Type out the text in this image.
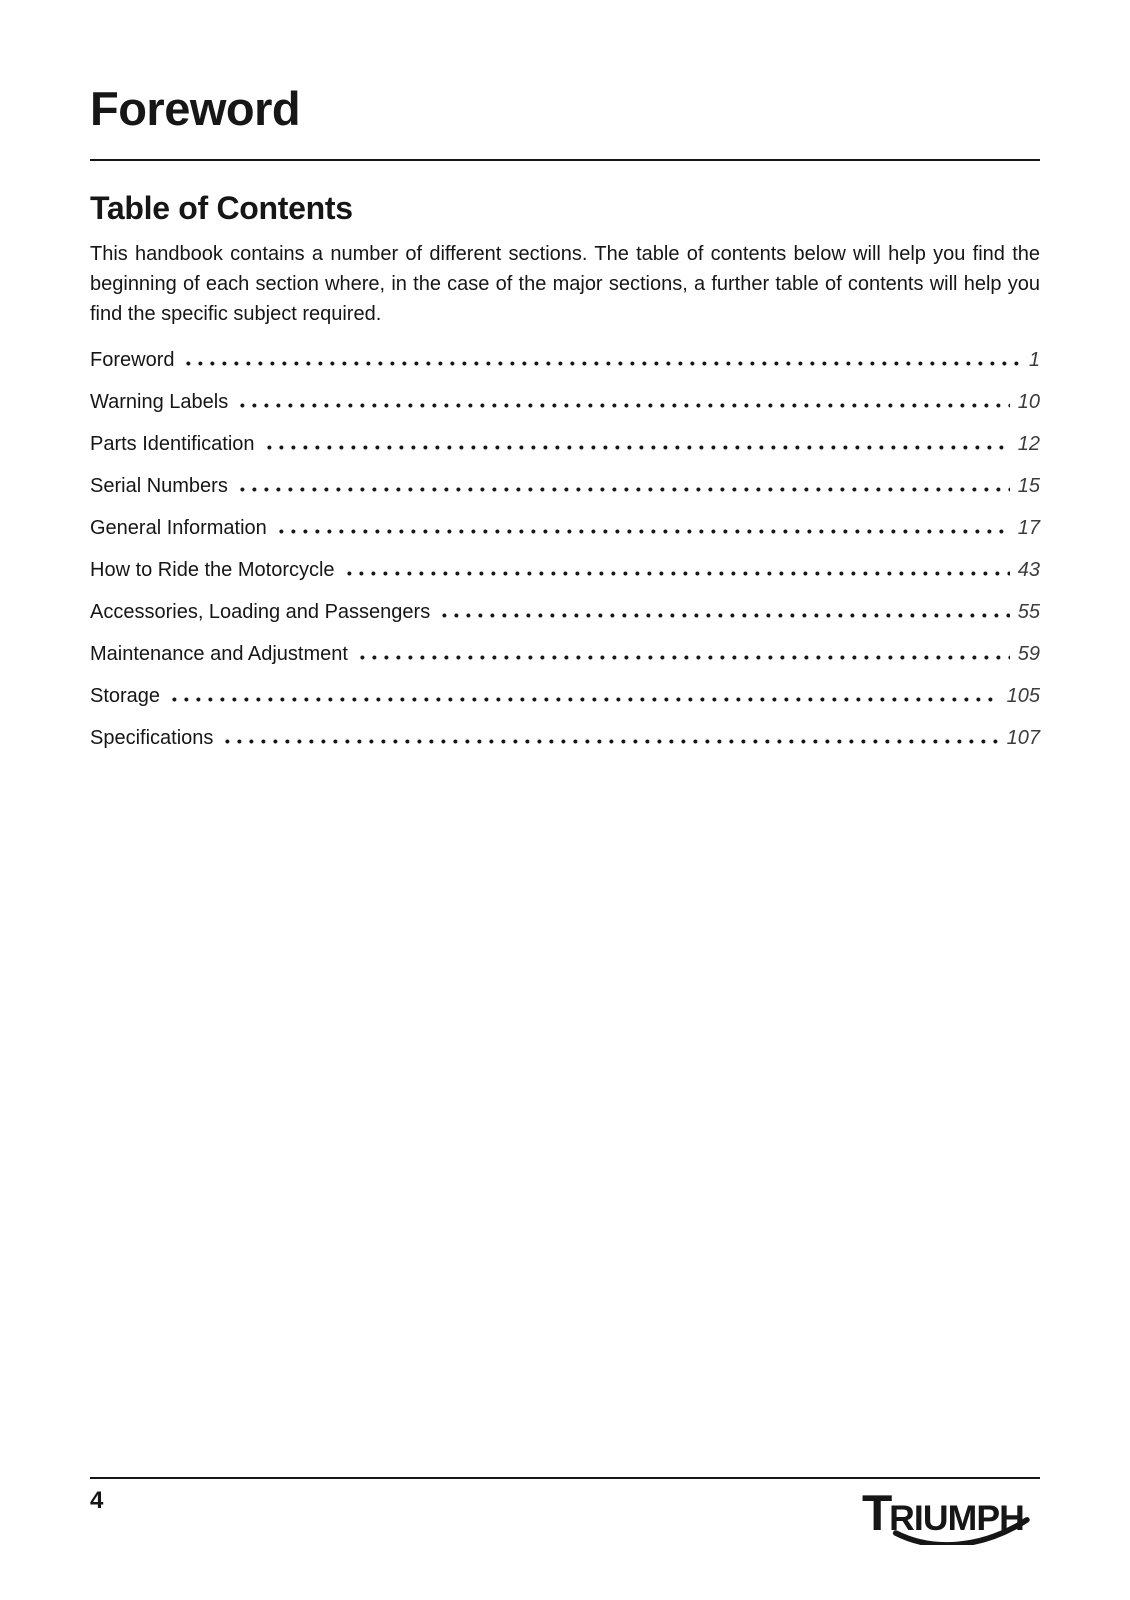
Foreword
Table of Contents

This handbook contains a number of different sections. The table of contents below will help you find the beginning of each section where, in the case of the major sections, a further table of contents will help you find the specific subject required.

Foreword	1
Warning Labels	10
Parts Identification	12
Serial Numbers	15
General Information	17
How to Ride the Motorcycle	43
Accessories, Loading and Passengers	55
Maintenance and Adjustment	59
Storage	105
Specifications	107
4	T
RIUMPH
